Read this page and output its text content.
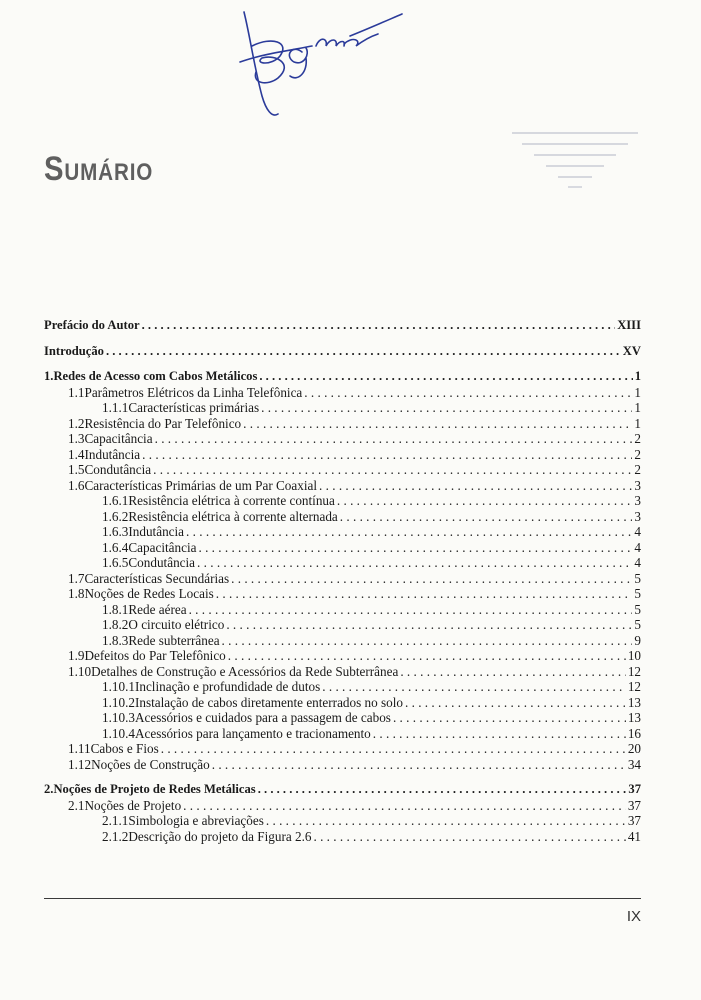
Sumário
Prefácio do Autor . . .	XIII
Introdução . . .	XV
1. Redes de Acesso com Cabos Metálicos . . .	1
1.1 Parâmetros Elétricos da Linha Telefônica . . .	1
1.1.1 Características primárias . . .	1
1.2 Resistência do Par Telefônico . . .	1
1.3 Capacitância . . .	2
1.4 Indutância . . .	2
1.5 Condutância . . .	2
1.6 Características Primárias de um Par Coaxial . . .	3
1.6.1 Resistência elétrica à corrente contínua . . .	3
1.6.2 Resistência elétrica à corrente alternada . . .	3
1.6.3 Indutância . . .	4
1.6.4 Capacitância . . .	4
1.6.5 Condutância . . .	4
1.7 Características Secundárias . . .	5
1.8 Noções de Redes Locais . . .	5
1.8.1 Rede aérea . . .	5
1.8.2 O circuito elétrico . . .	5
1.8.3 Rede subterrânea . . .	9
1.9 Defeitos do Par Telefônico . . .	10
1.10 Detalhes de Construção e Acessórios da Rede Subterrânea . . .	12
1.10.1 Inclinação e profundidade de dutos . . .	12
1.10.2 Instalação de cabos diretamente enterrados no solo . . .	13
1.10.3 Acessórios e cuidados para a passagem de cabos . . .	13
1.10.4 Acessórios para lançamento e tracionamento . . .	16
1.11 Cabos e Fios . . .	20
1.12 Noções de Construção . . .	34
2. Noções de Projeto de Redes Metálicas . . .	37
2.1 Noções de Projeto . . .	37
2.1.1 Simbologia e abreviações . . .	37
2.1.2 Descrição do projeto da Figura 2.6 . . .	41
IX
